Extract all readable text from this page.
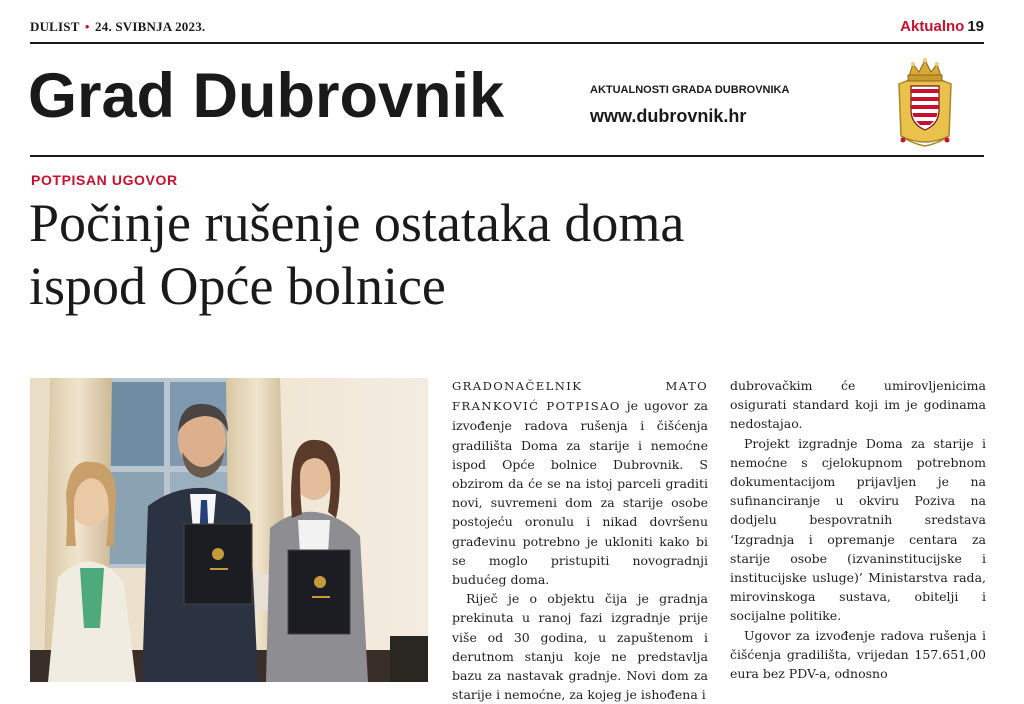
DULIST • 24. SVIBNJA 2023.	Aktualno 19
Grad Dubrovnik	AKTUALNOSTI GRADA DUBROVNIKA
www.dubrovnik.hr
POTPISAN UGOVOR
Počinje rušenje ostataka doma
ispod Opće bolnice

GRADONAČELNIK MATO FRANKOVIĆ POTPISAO je ugovor za izvođenje radova rušenja i čišćenja gradilišta Doma za starije i nemoćne ispod Opće bolnice Dubrovnik. S obzirom da će se na istoj parceli graditi novi, suvremeni dom za starije osobe postojeću oronulu i nikad dovršenu građevinu potrebno je ukloniti kako bi se moglo pristupiti novogradnji budućeg doma.

Riječ je o objektu čija je gradnja prekinuta u ranoj fazi izgradnje prije više od 30 godina, u zapuštenom i derutnom stanju koje ne predstavlja bazu za nastavak gradnje. Novi dom za starije i nemoćne, za kojeg je ishođena i

dubrovačkim će umirovljenicima osigurati standard koji im je godinama nedostajao.

Projekt izgradnje Doma za starije i nemoćne s cjelokupnom potrebnom dokumentacijom prijavljen je na sufinanciranje u okviru Poziva na dodjelu bespovratnih sredstava ‘Izgradnja i opremanje centara za starije osobe (izvaninstitucijske i institucijske usluge)’ Ministarstva rada, mirovinskoga sustava, obitelji i socijalne politike.

Ugovor za izvođenje radova rušenja i čišćenja gradilišta, vrijedan 157.651,00 eura bez PDV-a, odnosno
